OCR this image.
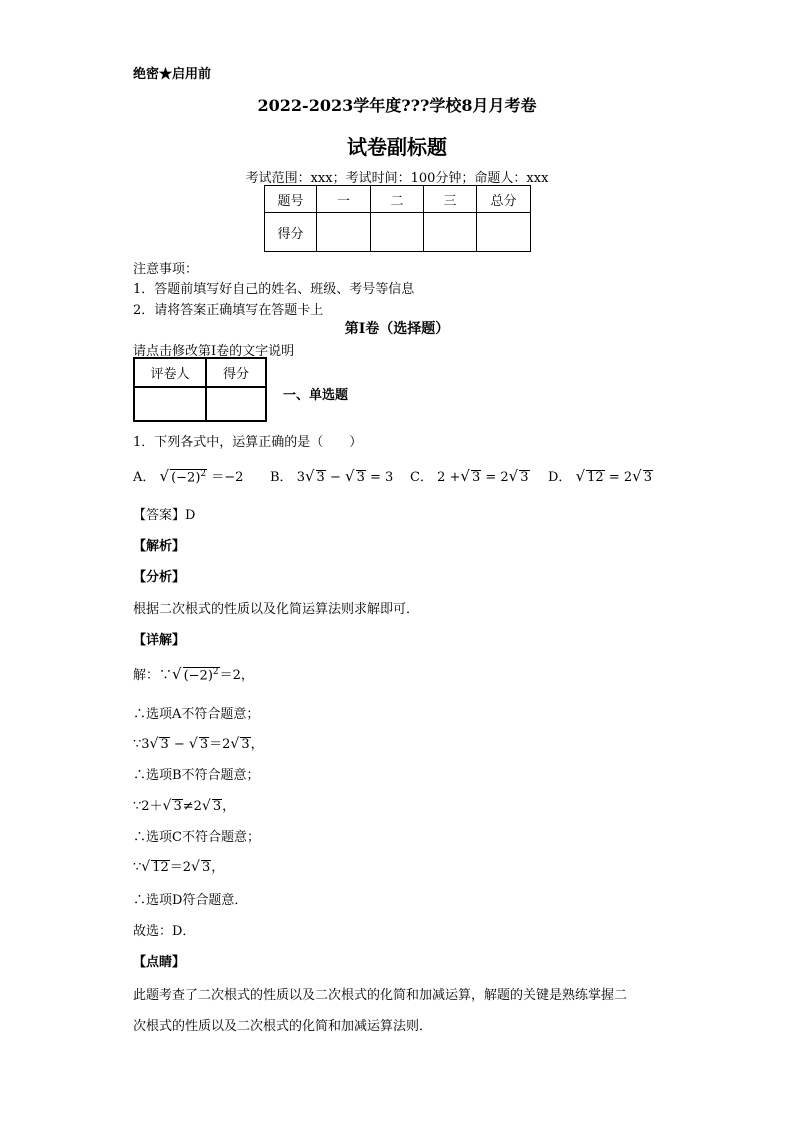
绝密★启用前
2022-2023学年度???学校8月月考卷
试卷副标题
考试范围：xxx；考试时间：100分钟；命题人：xxx
题号	一	二	三	总分
得分				
注意事项：
1．答题前填写好自己的姓名、班级、考号等信息
2．请将答案正确填写在答题卡上
第I卷（选择题）
请点击修改第I卷的文字说明
评卷人	得分

一、单选题
1．下列各式中，运算正确的是（　　）
A． √ $(-2)^2 =-2$ B． 3√ 3 − √ 3 = 3 C． 2 +√ 3 = 2√ 3 D． √ 12 = 2√ 3
【答案】D
【解析】
【分析】
根据二次根式的性质以及化简运算法则求解即可．
【详解】
解：∵√ $(-2)^2=2$，
∴选项A不符合题意；
∵3√ 3 − √ 3＝2√ 3，
∴选项B不符合题意；
∵2＋√ 3≠2√ 3，
∴选项C不符合题意；
∵√ 12＝2√ 3，
∴选项D符合题意．
故选：D．
【点睛】
此题考查了二次根式的性质以及二次根式的化简和加减运算，解题的关键是熟练掌握二
次根式的性质以及二次根式的化简和加减运算法则．
